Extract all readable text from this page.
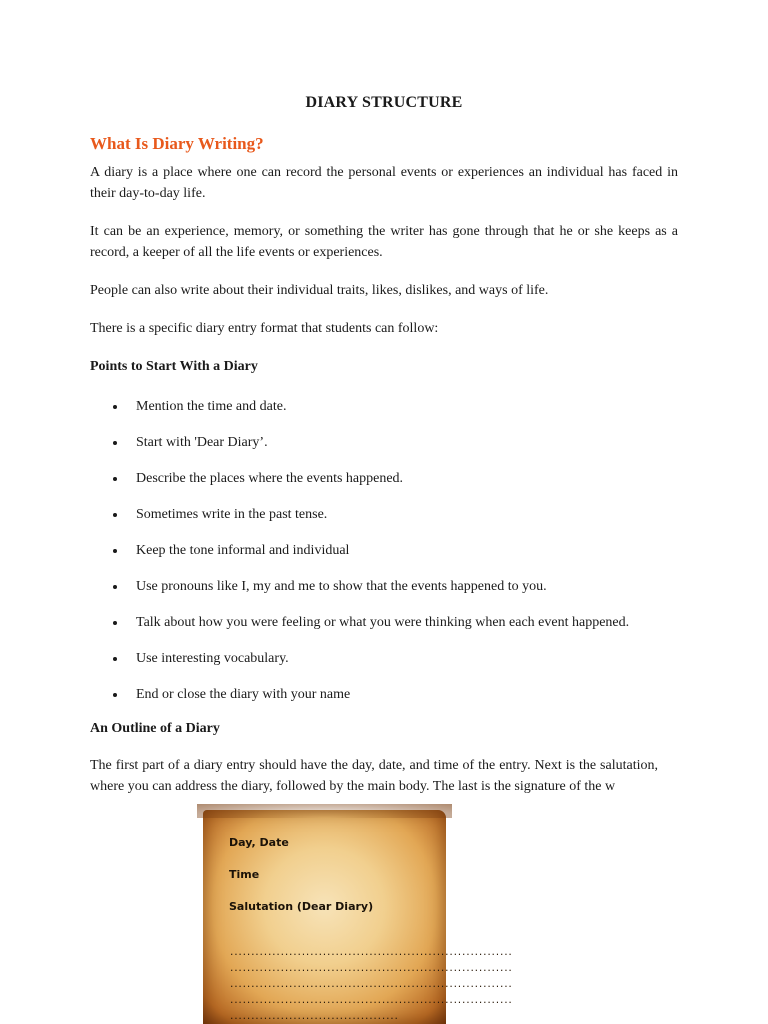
DIARY STRUCTURE
What Is Diary Writing?
A diary is a place where one can record the personal events or experiences an individual has faced in their day-to-day life.
It can be an experience, memory, or something the writer has gone through that he or she keeps as a record, a keeper of all the life events or experiences.
People can also write about their individual traits, likes, dislikes, and ways of life.
There is a specific diary entry format that students can follow:
Points to Start With a Diary
Mention the time and date.
Start with 'Dear Diary’.
Describe the places where the events happened.
Sometimes write in the past tense.
Keep the tone informal and individual
Use pronouns like I, my and me to show that the events happened to you.
Talk about how you were feeling or what you were thinking when each event happened.
Use interesting vocabulary.
End or close the diary with your name
An Outline of a Diary
The first part of a diary entry should have the day, date, and time of the entry. Next is the salutation, where you can address the diary, followed by the main body. The last is the signature of the w
Day, Date
Time
Salutation (Dear Diary)
...................................................................
...................................................................
...................................................................
...................................................................
........................................
